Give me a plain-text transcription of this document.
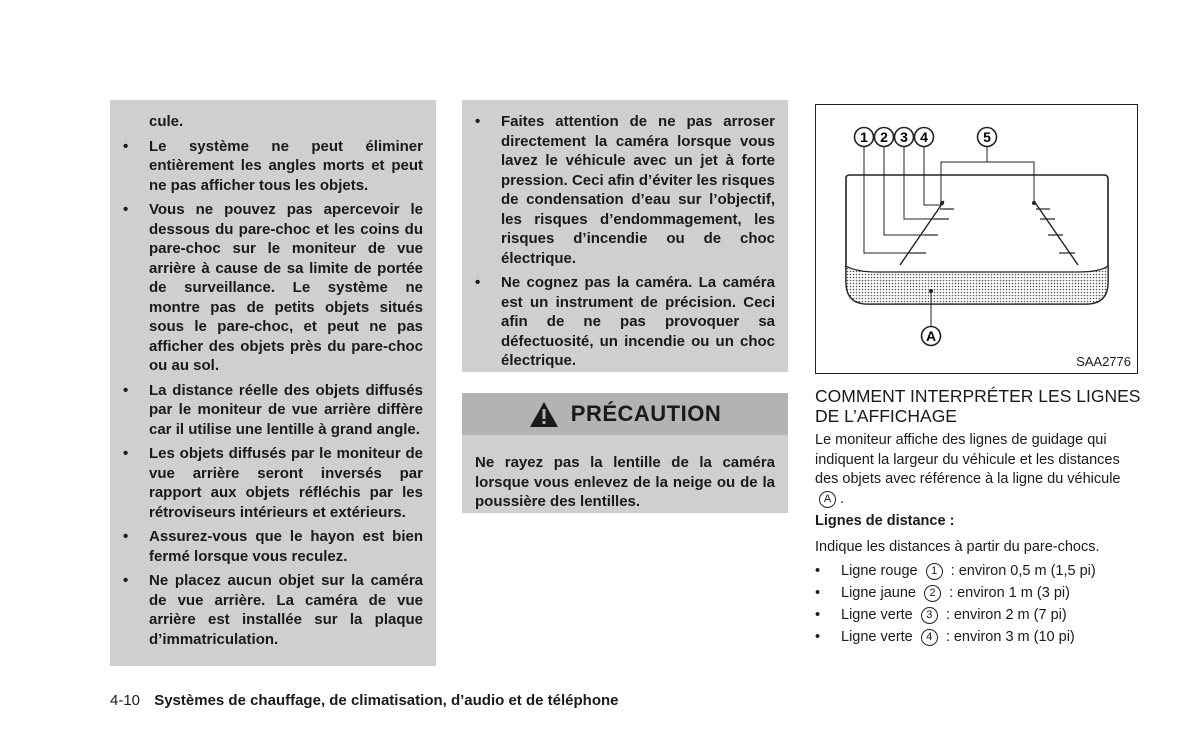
cule.
•	Le système ne peut éliminer entièrement les angles morts et peut ne pas afficher tous les objets.
•	Vous ne pouvez pas apercevoir le dessous du pare-choc et les coins du pare-choc sur le moniteur de vue arrière à cause de sa limite de portée de surveillance. Le système ne montre pas de petits objets situés sous le pare-choc, et peut ne pas afficher des objets près du pare-choc ou au sol.
•	La distance réelle des objets diffusés par le moniteur de vue arrière diffère car il utilise une lentille à grand angle.
•	Les objets diffusés par le moniteur de vue arrière seront inversés par rapport aux objets réfléchis par les rétroviseurs intérieurs et extérieurs.
•	Assurez-vous que le hayon est bien fermé lorsque vous reculez.
•	Ne placez aucun objet sur la caméra de vue arrière. La caméra de vue arrière est installée sur la plaque d’immatriculation.
•	Faites attention de ne pas arroser directement la caméra lorsque vous lavez le véhicule avec un jet à forte pression. Ceci afin d’éviter les risques de condensation d’eau sur l’objectif, les risques d’endommagement, les risques d’incendie ou de choc électrique.
•	Ne cognez pas la caméra. La caméra est un instrument de précision. Ceci afin de ne pas provoquer sa défectuosité, un incendie ou un choc électrique.
PRÉCAUTION
Ne rayez pas la lentille de la caméra lorsque vous enlevez de la neige ou de la poussière des lentilles.
1 2 3 4	5
A
SAA2776
COMMENT INTERPRÉTER LES LIGNES DE L’AFFICHAGE
Le moniteur affiche des lignes de guidage qui indiquent la largeur du véhicule et les distances des objets avec référence à la ligne du véhicule A .
Lignes de distance :
Indique les distances à partir du pare-chocs.
• Ligne rouge 1 : environ 0,5 m (1,5 pi)
• Ligne jaune 2 : environ 1 m (3 pi)
• Ligne verte 3 : environ 2 m (7 pi)
• Ligne verte 4 : environ 3 m (10 pi)
4-10 Systèmes de chauffage, de climatisation, d’audio et de téléphone
